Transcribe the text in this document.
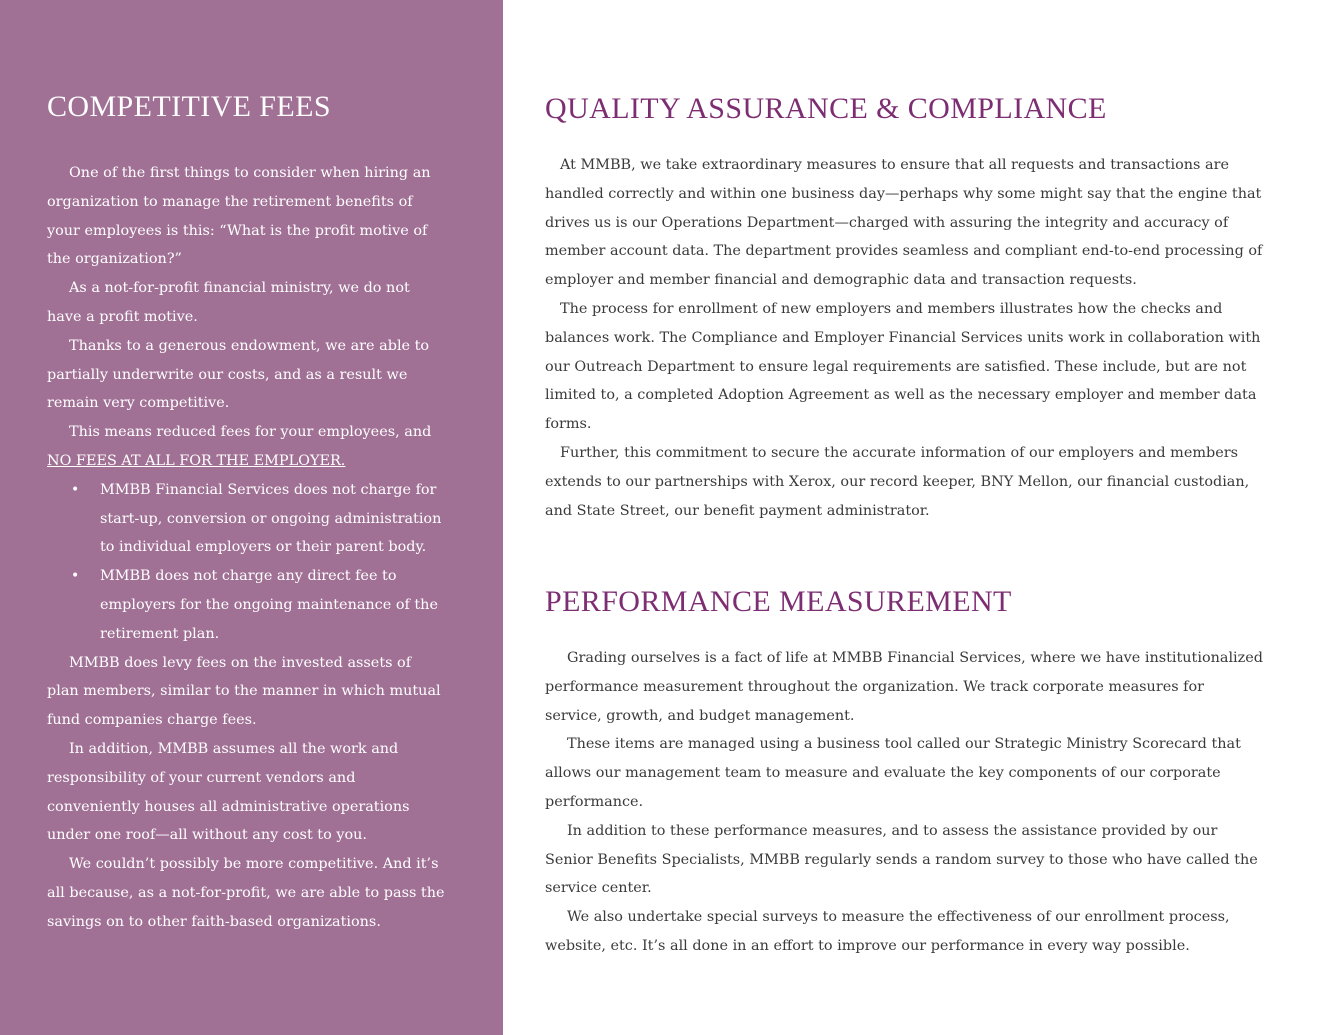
COMPETITIVE FEES

One of the first things to consider when hiring an organization to manage the retirement benefits of your employees is this: “What is the profit motive of the organization?”

As a not-for-profit financial ministry, we do not have a profit motive.

Thanks to a generous endowment, we are able to partially underwrite our costs, and as a result we remain very competitive.

This means reduced fees for your employees, and

NO FEES AT ALL FOR THE EMPLOYER.

• MMBB Financial Services does not charge for start-up, conversion or ongoing administration to individual employers or their parent body.
• MMBB does not charge any direct fee to employers for the ongoing maintenance of the retirement plan.

MMBB does levy fees on the invested assets of plan members, similar to the manner in which mutual fund companies charge fees.

In addition, MMBB assumes all the work and responsibility of your current vendors and conveniently houses all administrative operations under one roof—all without any cost to you.

We couldn’t possibly be more competitive. And it’s all because, as a not-for-profit, we are able to pass the savings on to other faith-based organizations.

QUALITY ASSURANCE & COMPLIANCE

At MMBB, we take extraordinary measures to ensure that all requests and transactions are handled correctly and within one business day—perhaps why some might say that the engine that drives us is our Operations Department—charged with assuring the integrity and accuracy of member account data. The department provides seamless and compliant end-to-end processing of employer and member financial and demographic data and transaction requests.

The process for enrollment of new employers and members illustrates how the checks and balances work. The Compliance and Employer Financial Services units work in collaboration with our Outreach Department to ensure legal requirements are satisfied. These include, but are not limited to, a completed Adoption Agreement as well as the necessary employer and member data forms.

Further, this commitment to secure the accurate information of our employers and members extends to our partnerships with Xerox, our record keeper, BNY Mellon, our financial custodian, and State Street, our benefit payment administrator.

PERFORMANCE MEASUREMENT

Grading ourselves is a fact of life at MMBB Financial Services, where we have institutionalized performance measurement throughout the organization. We track corporate measures for service, growth, and budget management.

These items are managed using a business tool called our Strategic Ministry Scorecard that allows our management team to measure and evaluate the key components of our corporate performance.

In addition to these performance measures, and to assess the assistance provided by our Senior Benefits Specialists, MMBB regularly sends a random survey to those who have called the service center.

We also undertake special surveys to measure the effectiveness of our enrollment process, website, etc. It’s all done in an effort to improve our performance in every way possible.
